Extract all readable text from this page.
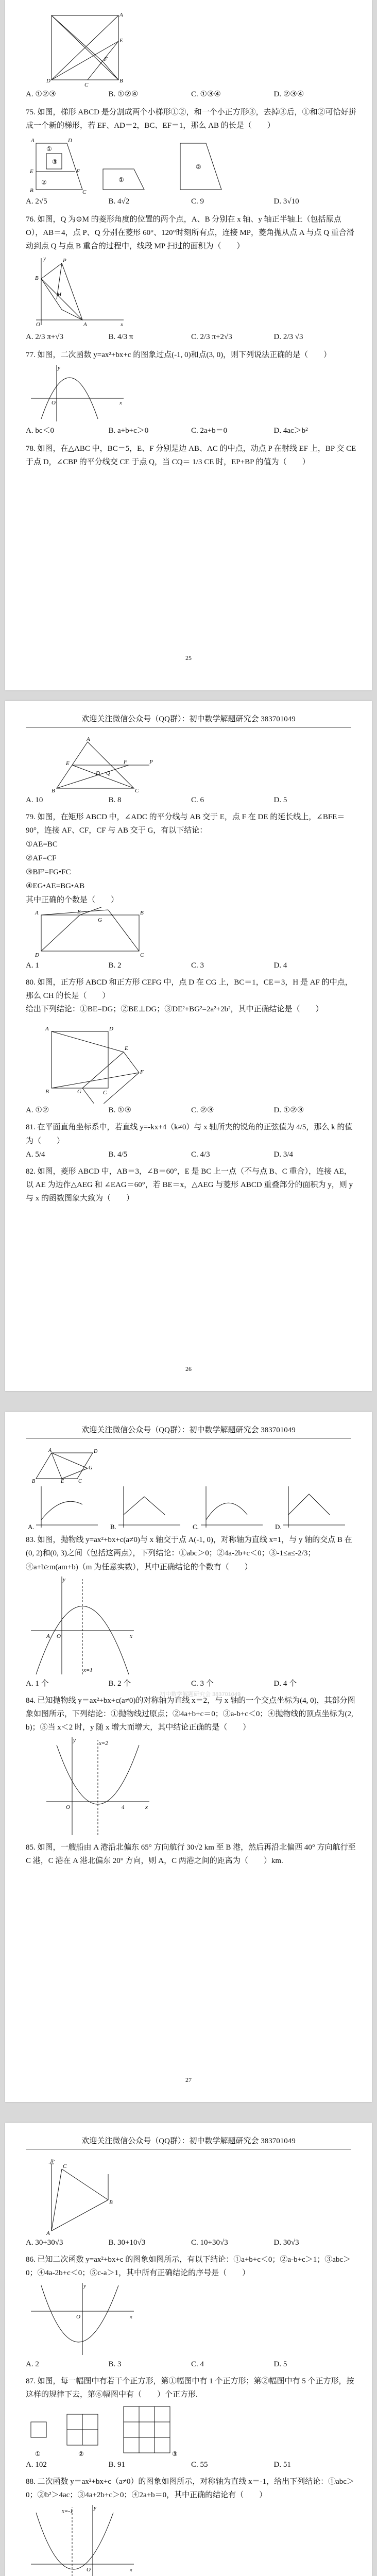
A
E
B
C
D
F
A. ①②③	B. ①②④	C. ①③④	D. ②③④

75. 如图，梯形 ABCD 是分割成两个小梯形①②，和一个小正方形③，去掉③后，①和②可恰好拼成一个新的梯形，若 EF、AD＝2，BC、EF＝1，那么 AB 的长是（　　）

A	D
B	C
E	F
③
②
①
①
②
A. 2√5	B. 4√2	C. 9	D. 3√10

76. 如图，Q 为⊙M 的菱形角度的位置的两个点，A、B 分别在 x 轴、y 轴正半轴上（包括原点 O），AB＝4，点 P、Q 分别在菱形 60°、120°时刻所有点，连接 MP，菱角抛从点 A 与点 Q 重合滑动到点 Q 与点 B 重合的过程中，线段 MP 扫过的面积为（　　）

B
A
O
P
M
x
y
A. 2/3 π+√3	B. 4/3 π	C. 2/3 π+2√3	D. 2/3 √3

77. 如图，二次函数 y=ax²+bx+c 的图象过点(-1, 0)和点(3, 0)，则下列说法正确的是（　　）

y
x
O
A. bc＜0	B. a+b+c＞0	C. 2a+b＝0	D. 4ac＞b²

78. 如图，在△ABC 中，BC＝5，E、F 分别是边 AB、AC 的中点，动点 P 在射线 EF 上，BP 交 CE 于点 D，∠CBP 的平分线交 CE 于点 Q，当 CQ＝ 1/3 CE 时，EP+BP 的值为（　　）

25
欢迎关注微信公众号（QQ群）：初中数学解题研究会 383701049
A
E	F	P
B	C
D Q
A. 10	B. 8	C. 6	D. 5

79. 如图，在矩形 ABCD 中，∠ADC 的平分线与 AB 交于 E，点 F 在 DE 的延长线上，∠BFE＝90°，连接 AF、CF，CF 与 AB 交于 G，有以下结论：

①AE=BC

②AF=CF

③BF²=FG•FC

④EG•AE=BG•AB

其中正确的个数是（　　）

A	E	B
D	C
G
A. 1	B. 2	C. 3	D. 4

80. 如图，正方形 ABCD 和正方形 CEFG 中，点 D 在 CG 上，BC＝1，CE＝3，H 是 AF 的中点，那么 CH 的长是（　　）

给出下列结论：①BE=DG；②BE⊥DG；③DE²+BG²=2a²+2b²，其中正确结论是（　　）

A	D
B	C
E
F
G
A. ①②	B. ①③	C. ②③	D. ①②③

81. 在平面直角坐标系中，若直线 y=-kx+4（k≠0）与 x 轴所夹的锐角的正弦值为 4/5，那么 k 的值为（　　）

A. 5/4	B. 4/5	C. 4/3	D. 3/4

82. 如图，菱形 ABCD 中，AB＝3，∠B＝60°，E 是 BC 上一点（不与点 B、C 重合），连接 AE，以 AE 为边作△AEG 和 ∠EAG＝60°，若 BE＝x，△AEG 与菱形 ABCD 重叠部分的面积为 y，则 y 与 x 的函数图象大致为（　　）

26
欢迎关注微信公众号（QQ群）：初中数学解题研究会 383701049
A	D
B	E	C
G
A.	B.	C.	D.

83. 如图，抛物线 y=ax²+bx+c(a≠0)与 x 轴交于点 A(-1, 0)，对称轴为直线 x=1，与 y 轴的交点 B 在(0, 2)和(0, 3)之间（包括这两点），下列结论：①abc＞0；②4a-2b+c＜0；③-1≤a≤-2/3；④a+b≥m(am+b)（m 为任意实数），其中正确结论的个数有（　　）

y
x
O
A
x=1
A. 1 个	B. 2 个	C. 3 个	D. 4 个

84. 已知抛物线 y＝ax²+bx+c(a≠0)的对称轴为直线 x＝2，与 x 轴的一个交点坐标为(4, 0)，其部分图象如图所示，下列结论：①抛物线过原点；②4a+b+c＝0；③a-b+c＜0；④抛物线的顶点坐标为(2, b)；⑤当 x＜2 时，y 随 x 增大而增大，其中结论正确的是（　　）

y
x
O
x=2
4

85. 如图，一艘船由 A 港沿北偏东 65° 方向航行 30√2 km 至 B 港，然后再沿北偏西 40° 方向航行至 C 港，C 港在 A 港北偏东 20° 方向，则 A，C 两港之间的距离为（　　）km.

27
初中数学解题研究会 383701049
欢迎关注微信公众号（QQ群）：初中数学解题研究会 383701049
A
B
C
北
A. 30+30√3	B. 30+10√3	C. 10+30√3	D. 30√3

86. 已知二次函数 y=ax²+bx+c 的图象如图所示，有以下结论：①a+b+c＜0；②a-b+c＞1；③abc＞0；④4a-2b+c＜0；⑤c-a＞1，其中所有正确结论的序号是（　　）

y
x
O
A. 2	B. 3	C. 4	D. 5

87. 如图，每一幅图中有若干个正方形，第①幅图中有 1 个正方形；第②幅图中有 5 个正方形，按这样的规律下去，第⑥幅图中有（　　）个正方形.

①	②	③
A. 102	B. 91	C. 55	D. 51

88. 二次函数 y＝ax²+bx+c（a≠0）的图象如图所示，对称轴为直线 x＝-1，给出下列结论：①abc＞0；②b²＞4ac；③4a+2b+c＞0；④2a+b＝0，其中正确的结论有（　　）

y
x
O
x=-1
